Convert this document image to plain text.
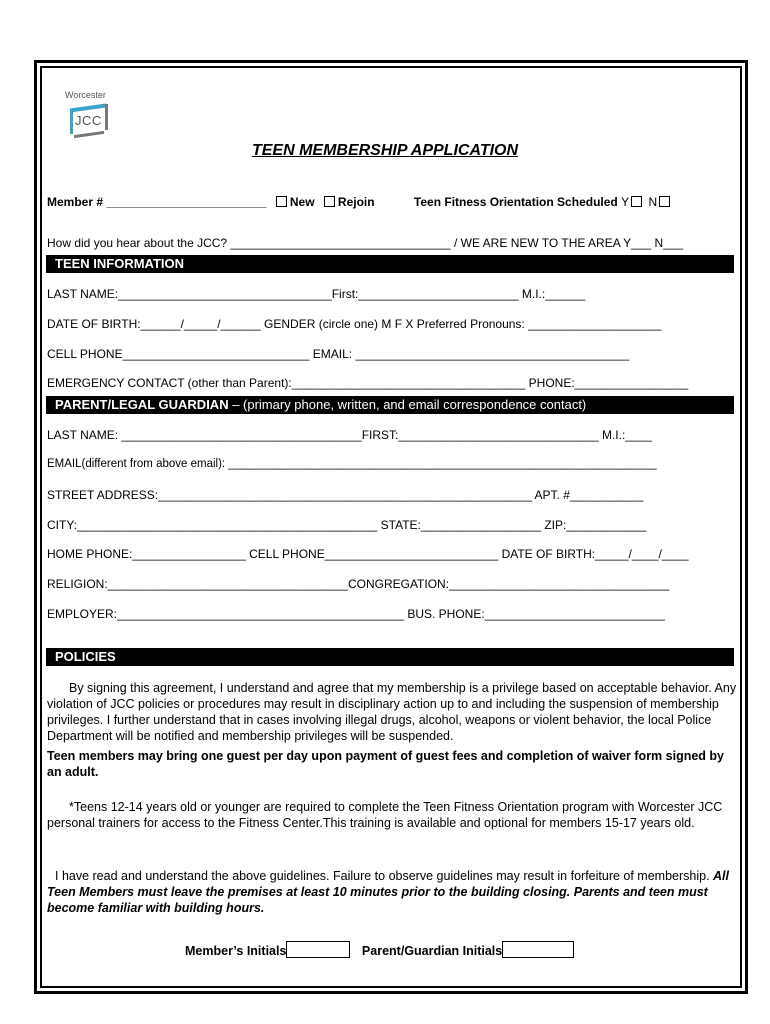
Worcester
JCC
TEEN MEMBERSHIP APPLICATION
Member # ________________________ New Rejoin	Teen Fitness Orientation Scheduled Y N
How did you hear about the JCC? _________________________________ / WE ARE NEW TO THE AREA Y___ N___
TEEN INFORMATION
LAST NAME:________________________________First:________________________ M.I.:______
DATE OF BIRTH:______/_____/______ GENDER (circle one) M F X Preferred Pronouns: ____________________
CELL PHONE____________________________ EMAIL: _________________________________________
EMERGENCY CONTACT (other than Parent):___________________________________ PHONE:_________________
PARENT/LEGAL GUARDIAN – (primary phone, written, and email correspondence contact)
LAST NAME: ____________________________________FIRST:______________________________ M.I.:____
EMAIL(different from above email): ___________________________________________________________________
STREET ADDRESS:________________________________________________________ APT. #___________
CITY:_____________________________________________ STATE:__________________ ZIP:____________
HOME PHONE:_________________ CELL PHONE__________________________ DATE OF BIRTH:_____/____/____
RELIGION:____________________________________CONGREGATION:_________________________________
EMPLOYER:___________________________________________ BUS. PHONE:___________________________
POLICIES
By signing this agreement, I understand and agree that my membership is a privilege based on acceptable behavior. Any violation of JCC policies or procedures may result in disciplinary action up to and including the suspension of membership privileges. I further understand that in cases involving illegal drugs, alcohol, weapons or violent behavior, the local Police Department will be notified and membership privileges will be suspended.
Teen members may bring one guest per day upon payment of guest fees and completion of waiver form signed by an adult.
*Teens 12-14 years old or younger are required to complete the Teen Fitness Orientation program with Worcester JCC personal trainers for access to the Fitness Center.This training is available and optional for members 15-17 years old.
I have read and understand the above guidelines. Failure to observe guidelines may result in forfeiture of membership. All Teen Members must leave the premises at least 10 minutes prior to the building closing. Parents and teen must become familiar with building hours.
Member’s Initials	Parent/Guardian Initials
